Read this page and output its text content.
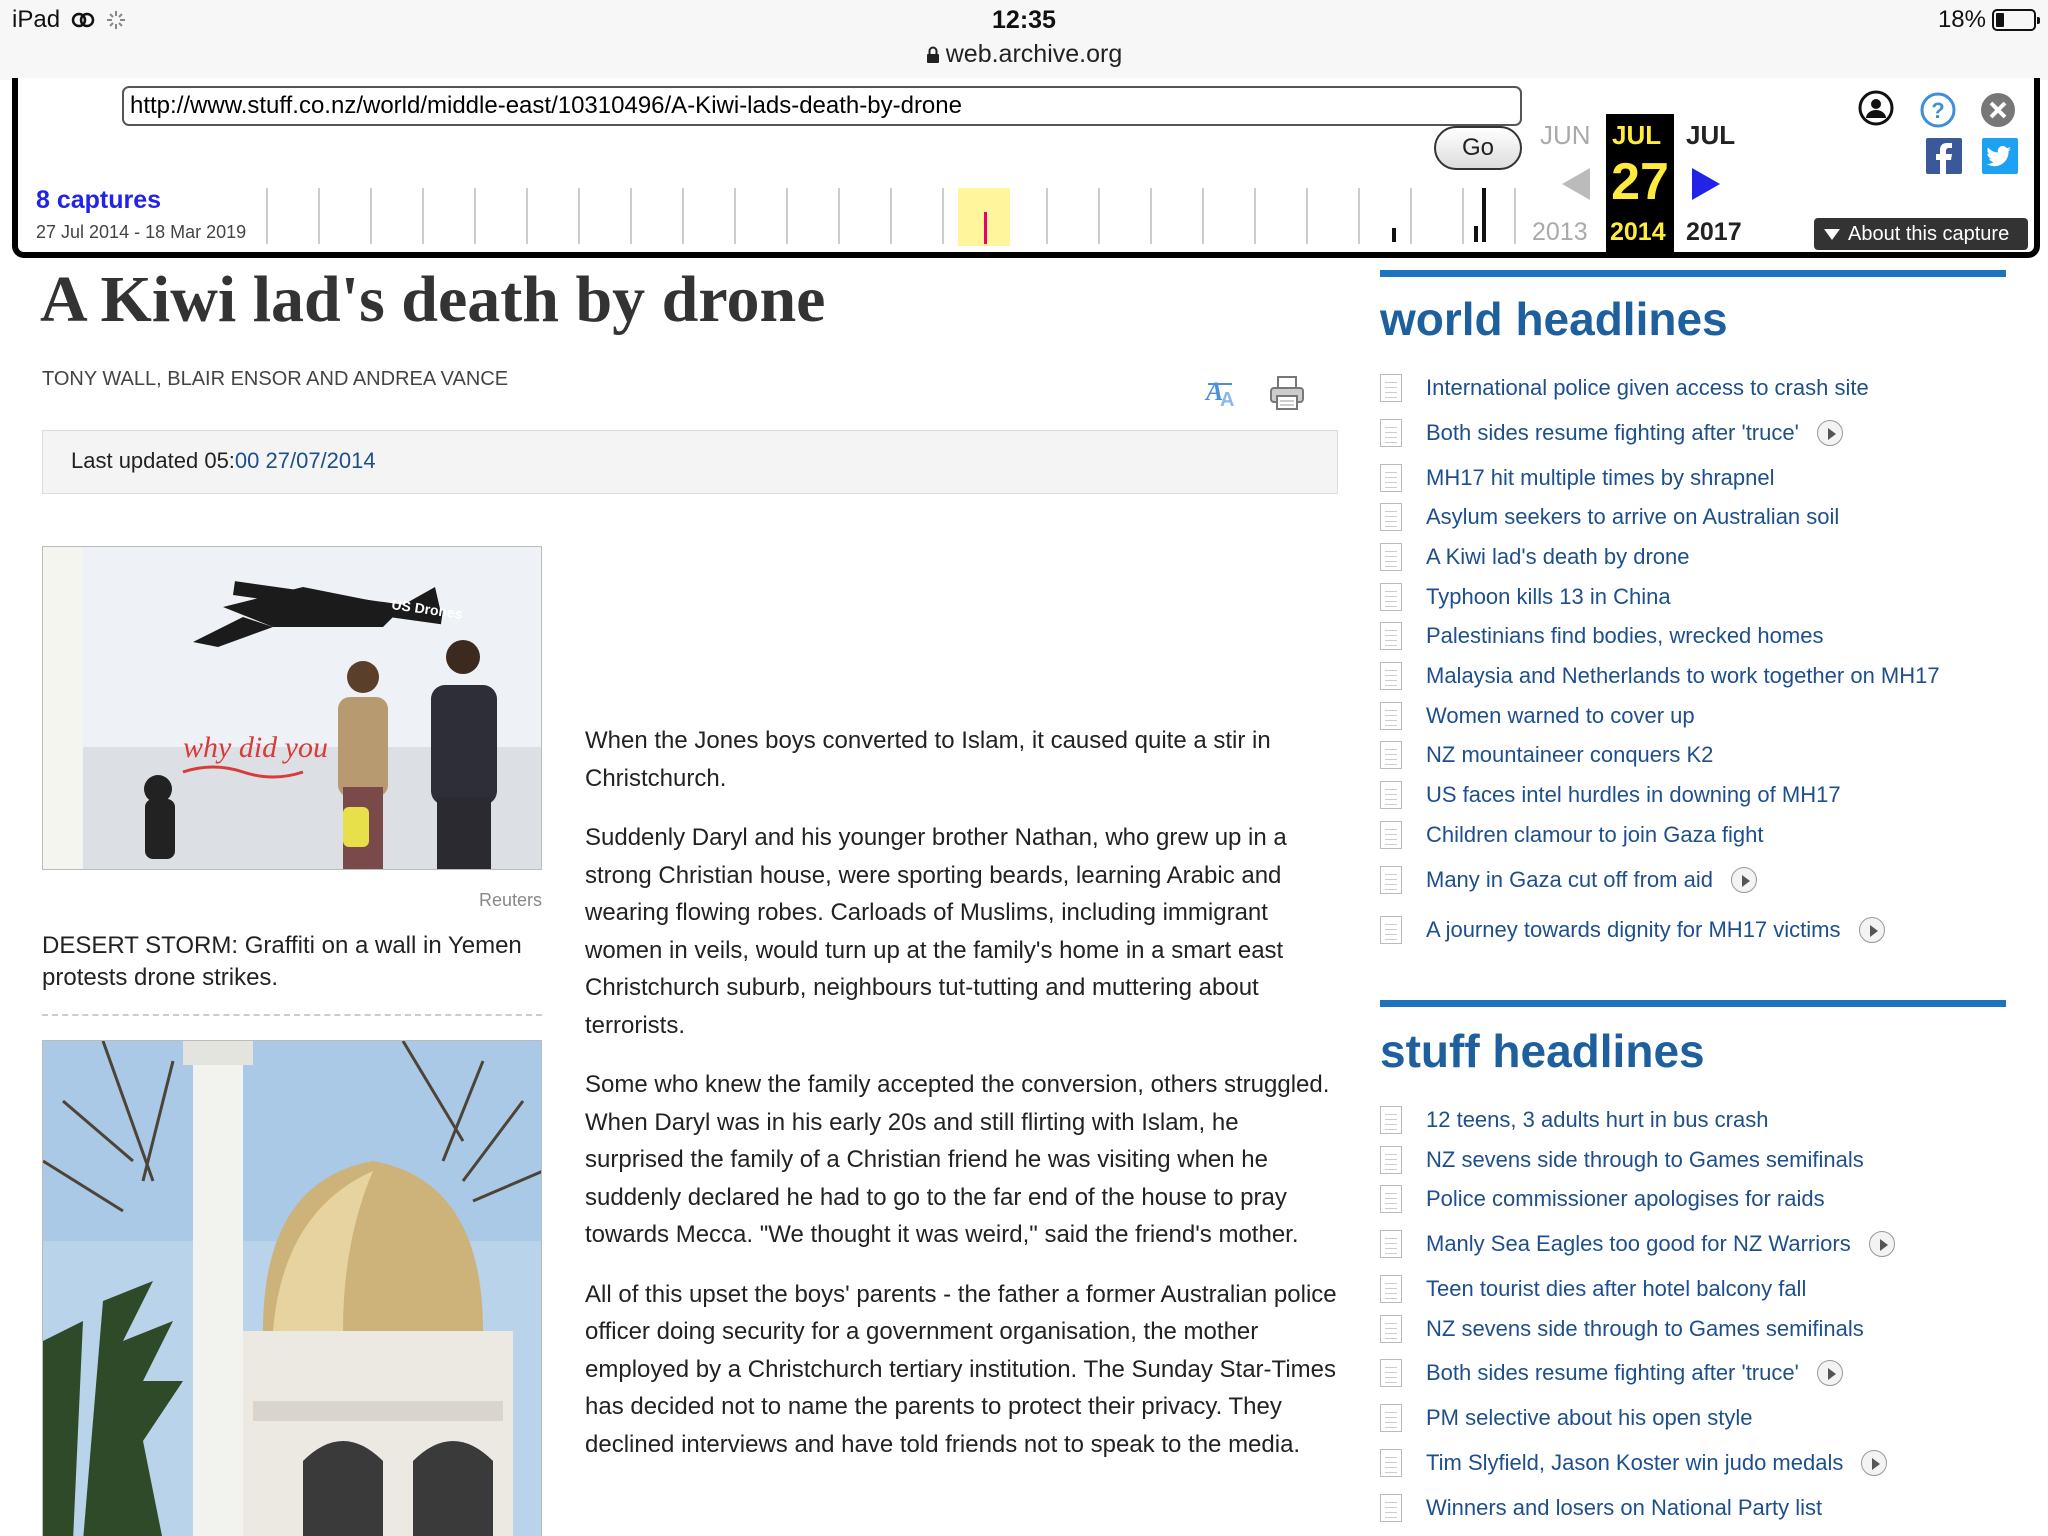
iPad	12:35
web.archive.org
18%
http://www.stuff.co.nz/world/middle-east/10310496/A-Kiwi-lads-death-by-drone
Go
8 captures
27 Jul 2014 - 18 Mar 2019
JUN JUL
27
JUL
2013 2014 2017
?
About this capture
A Kiwi lad's death by drone
TONY WALL, BLAIR ENSOR AND ANDREA VANCE	A
A
Last updated 05:00 27/07/2014
US Drones
why did you
Reuters
DESERT STORM: Graffiti on a wall in Yemen protests drone strikes.

When the Jones boys converted to Islam, it caused quite a stir in Christchurch.

Suddenly Daryl and his younger brother Nathan, who grew up in a strong Christian house, were sporting beards, learning Arabic and wearing flowing robes. Carloads of Muslims, including immigrant women in veils, would turn up at the family's home in a smart east Christchurch suburb, neighbours tut-tutting and muttering about terrorists.

Some who knew the family accepted the conversion, others struggled. When Daryl was in his early 20s and still flirting with Islam, he surprised the family of a Christian friend he was visiting when he suddenly declared he had to go to the far end of the house to pray towards Mecca. "We thought it was weird," said the friend's mother.

All of this upset the boys' parents - the father a former Australian police officer doing security for a government organisation, the mother employed by a Christchurch tertiary institution. The Sunday Star-Times has decided not to name the parents to protect their privacy. They declined interviews and have told friends not to speak to the media.

world headlines
International police given access to crash site
Both sides resume fighting after 'truce'
MH17 hit multiple times by shrapnel
Asylum seekers to arrive on Australian soil
A Kiwi lad's death by drone
Typhoon kills 13 in China
Palestinians find bodies, wrecked homes
Malaysia and Netherlands to work together on MH17
Women warned to cover up
NZ mountaineer conquers K2
US faces intel hurdles in downing of MH17
Children clamour to join Gaza fight
Many in Gaza cut off from aid
A journey towards dignity for MH17 victims
stuff headlines
12 teens, 3 adults hurt in bus crash
NZ sevens side through to Games semifinals
Police commissioner apologises for raids
Manly Sea Eagles too good for NZ Warriors
Teen tourist dies after hotel balcony fall
NZ sevens side through to Games semifinals
Both sides resume fighting after 'truce'
PM selective about his open style
Tim Slyfield, Jason Koster win judo medals
Winners and losers on National Party list
